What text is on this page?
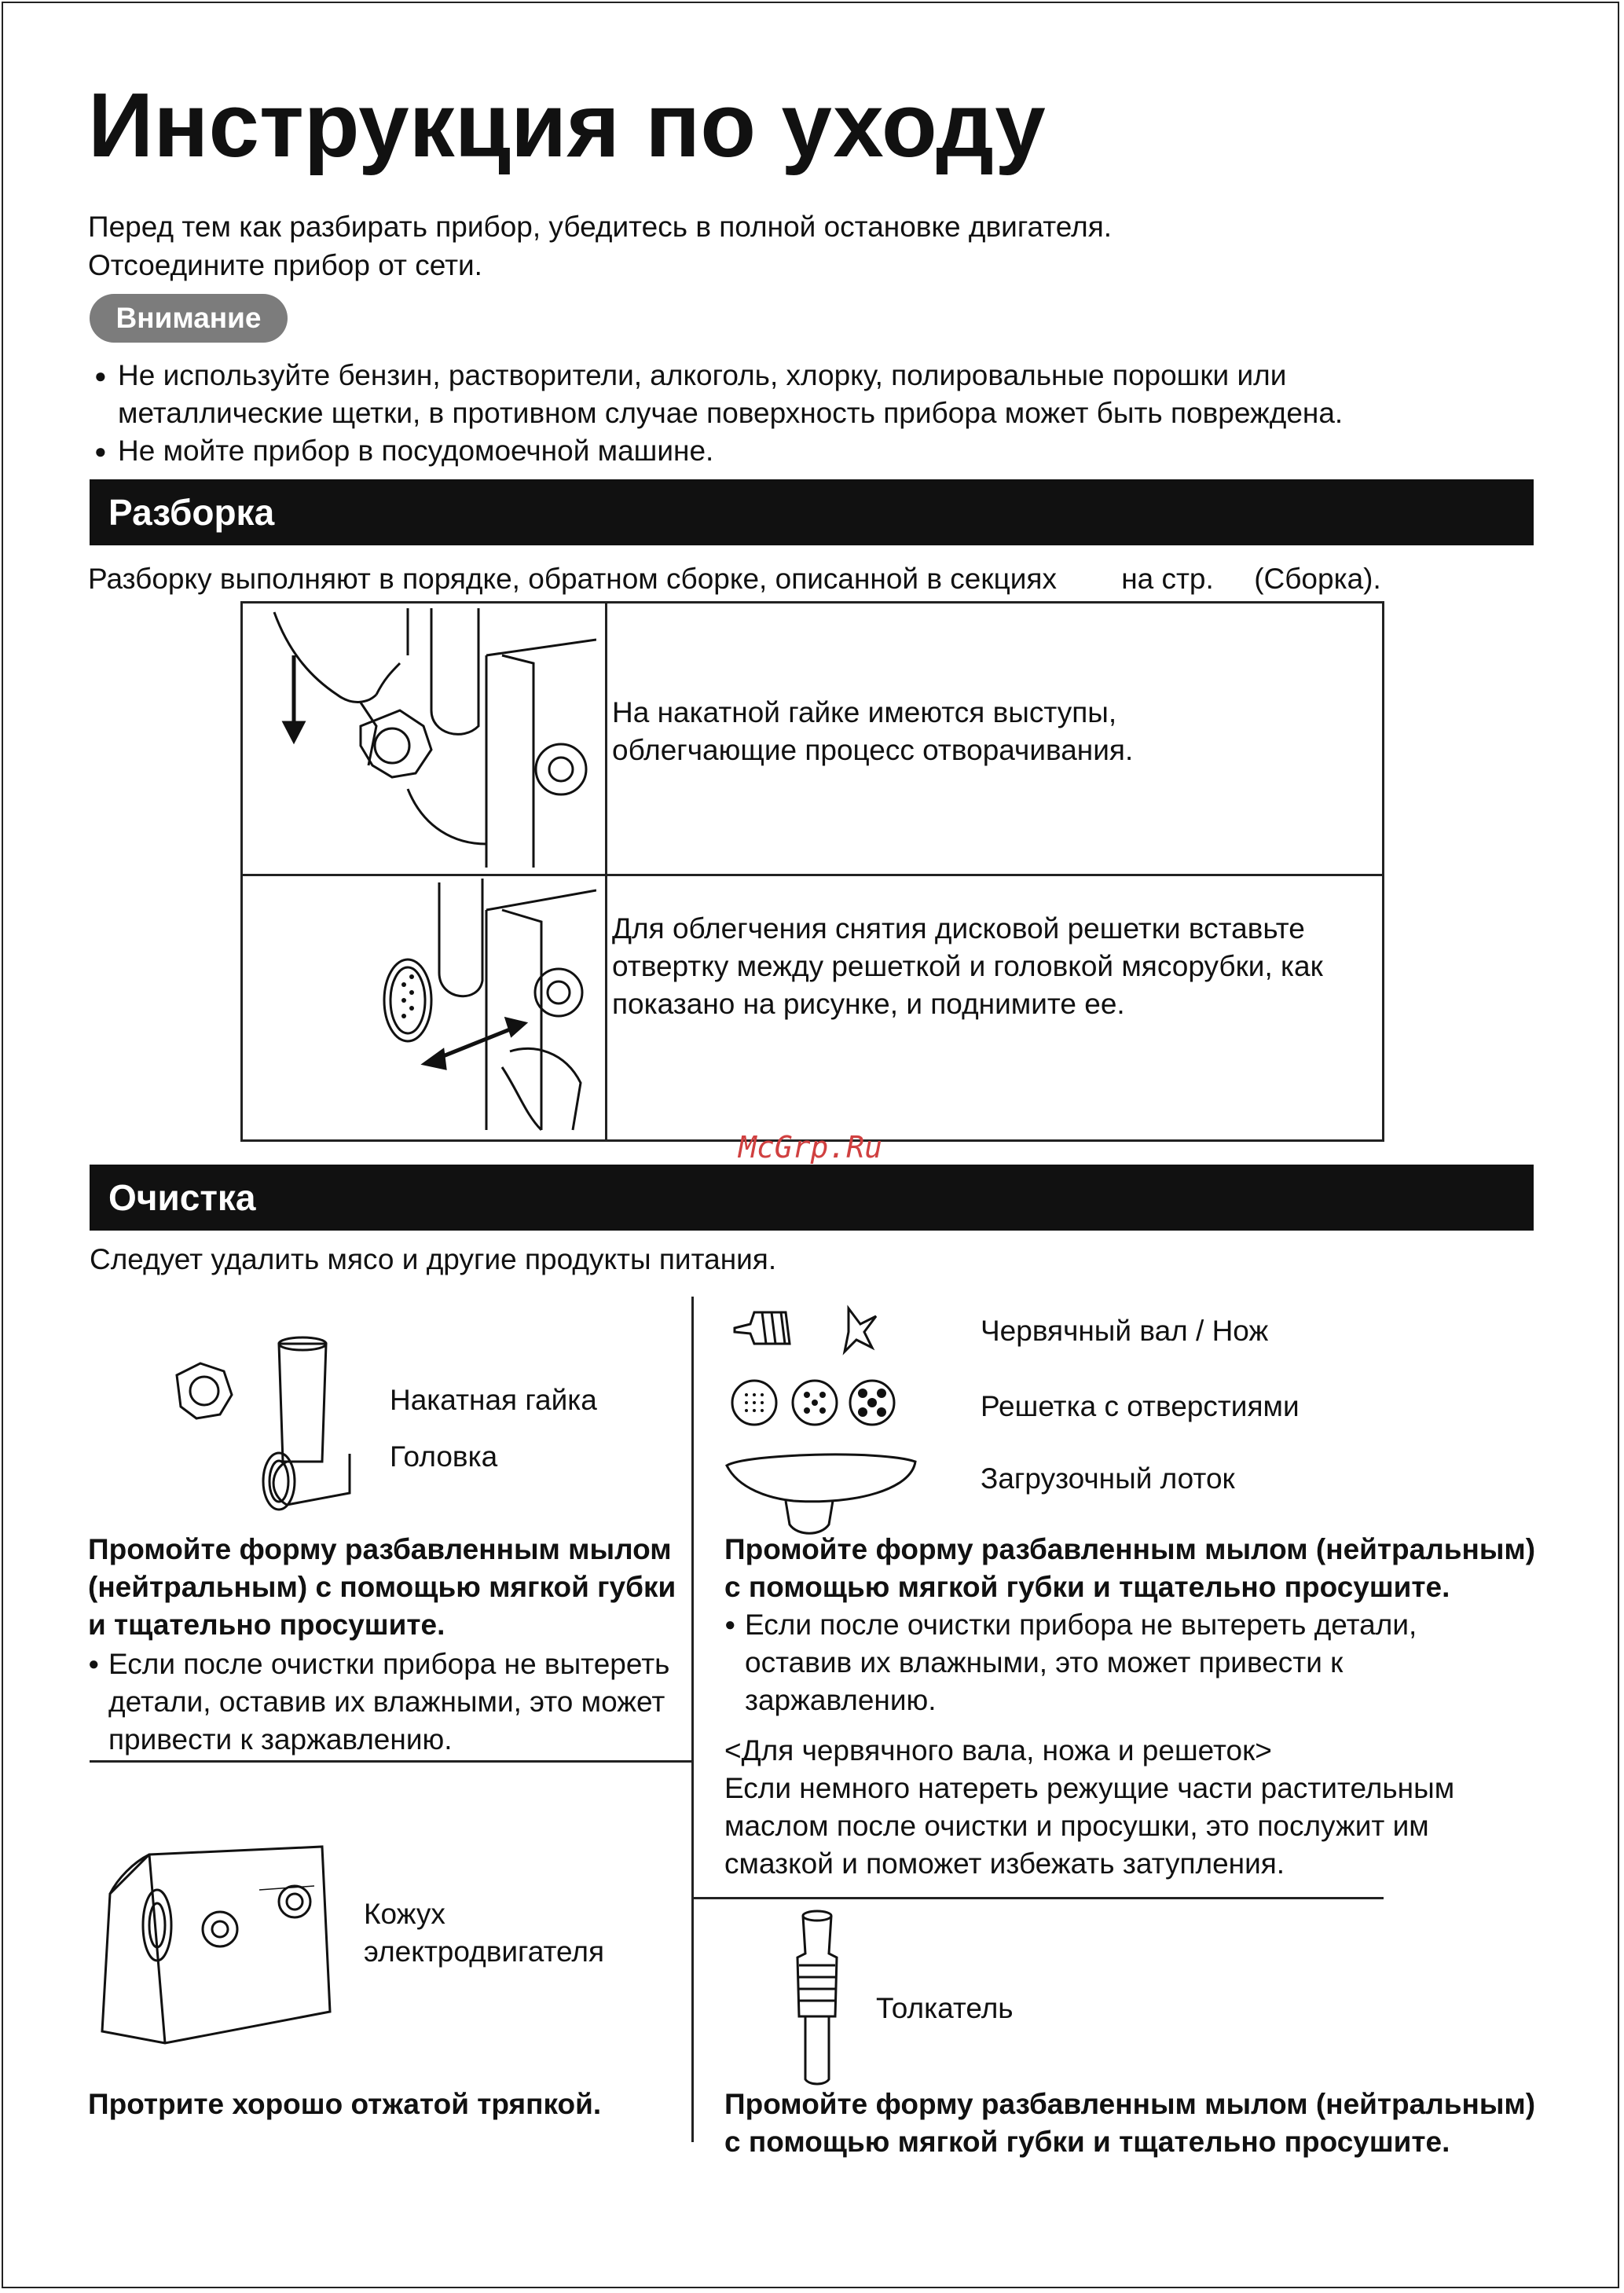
Инструкция по уходу

Перед тем как разбирать прибор, убедитесь в полной остановке двигателя.

Отсоедините прибор от сети.

Внимание
● Не используйте бензин, растворители, алкоголь, хлорку, полировальные порошки или
металлические щетки, в противном случае поверхность прибора может быть повреждена.
● Не мойте прибор в посудомоечной машине.
Разборка

Разборку выполняют в порядке, обратном сборке, описанной в секциях        на стр.     (Сборка).

На накатной гайке имеются выступы,
облегчающие процесс отворачивания.
Для облегчения снятия дисковой решетки вставьте
отвертку между решеткой и головкой мясорубки, как
показано на рисунке, и поднимите ее.
McGrp.Ru
Очистка

Следует удалить мясо и другие продукты питания.

Накатная гайка
Головка
Промойте форму разбавленным мылом
(нейтральным) с помощью мягкой губки
и тщательно просушите.
● Если после очистки прибора не вытереть
детали, оставив их влажными, это может
привести к заржавлению.
Кожух
электродвигателя
Протрите хорошо отжатой тряпкой.
Червячный вал / Нож
Решетка с отверстиями
Загрузочный лоток
Промойте форму разбавленным мылом (нейтральным)
с помощью мягкой губки и тщательно просушите.
● Если после очистки прибора не вытереть детали,
оставив их влажными, это может привести к
заржавлению.
<Для червячного вала, ножа и решеток>
Если немного натереть режущие части растительным
маслом после очистки и просушки, это послужит им
смазкой и поможет избежать затупления.
Толкатель
Промойте форму разбавленным мылом (нейтральным)
с помощью мягкой губки и тщательно просушите.
